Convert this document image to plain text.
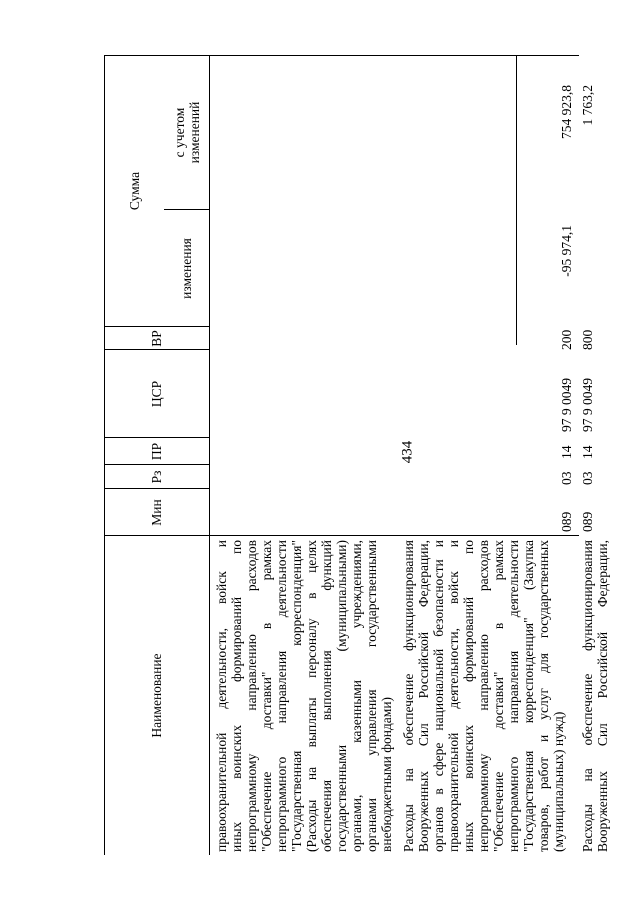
434
Наименование
Мин
Рз
ПР
ЦСР
ВР
Сумма
изменения
с учетом изменений
правоохранительной деятельности, войск и иных воинских формирований по непрограммному направлению расходов "Обеспечение доставки" в рамках непрограммного направления деятельности "Государственная корреспонденция" (Расходы на выплаты персоналу в целях обеспечения выполнения функций государственными (муниципальными) органами, казенными учреждениями, органами управления государственными внебюджетными фондами) Расходы на обеспечение функционирования Вооруженных Сил Российской Федерации, органов в сфере национальной безопасности и правоохранительной деятельности, войск и иных воинских формирований по непрограммному направлению расходов "Обеспечение доставки" в рамках непрограммного направления деятельности "Государственная корреспонденция" (Закупка товаров, работ и услуг для государственных (муниципальных) нужд)
089
03
14
97 9 0049
200
-95 974,1
754 923,8
Расходы на обеспечение функционирования Вооруженных Сил Российской Федерации,
089
03
14
97 9 0049
800
1 763,2
